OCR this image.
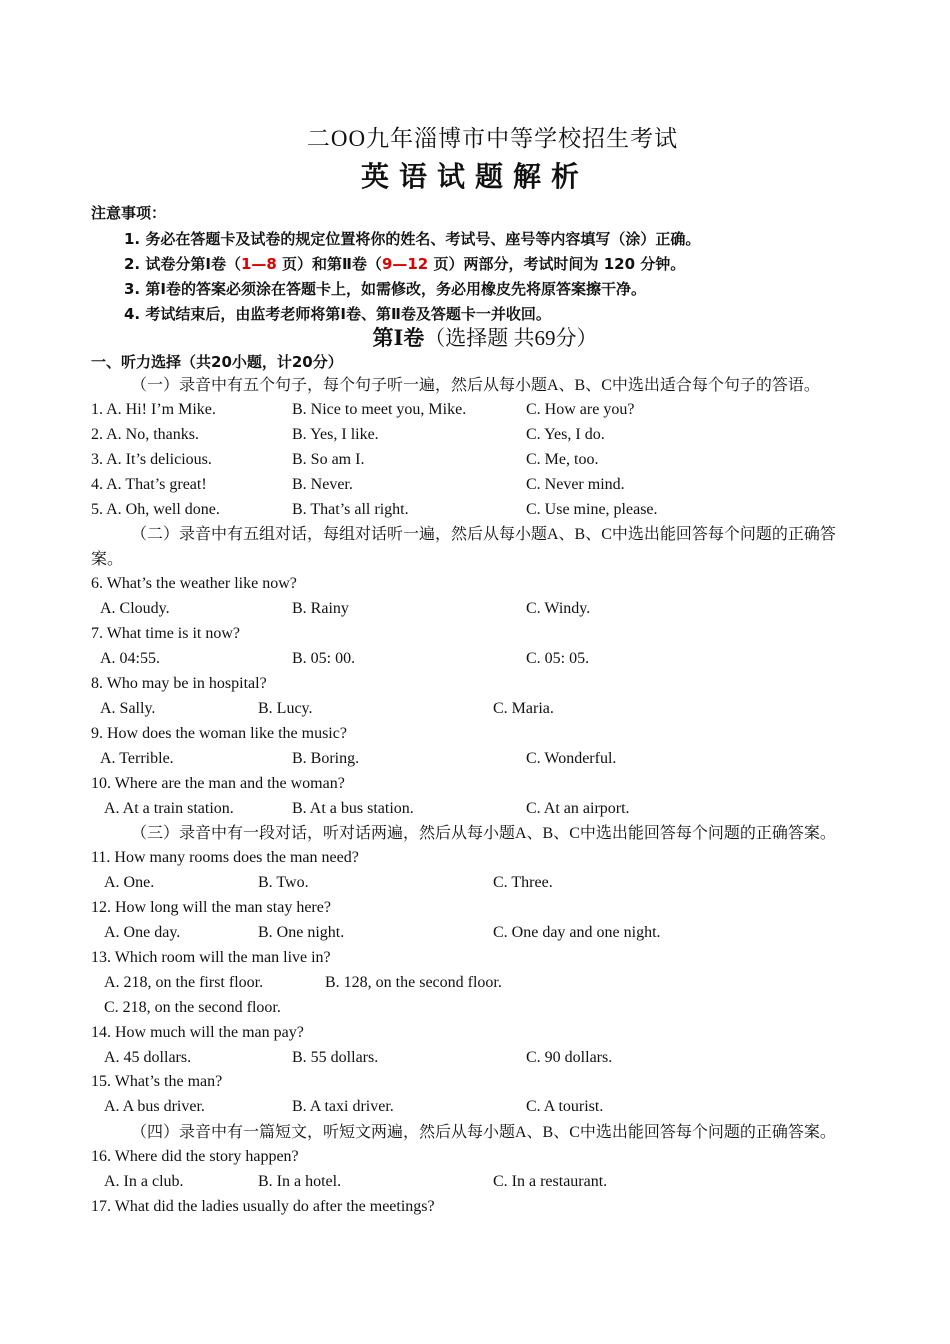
二OO九年淄博市中等学校招生考试
英语试题解析
注意事项：
1. 务必在答题卡及试卷的规定位置将你的姓名、考试号、座号等内容填写（涂）正确。
2. 试卷分第Ⅰ卷（1—8 页）和第Ⅱ卷（9—12 页）两部分，考试时间为 120 分钟。
3. 第Ⅰ卷的答案必须涂在答题卡上，如需修改，务必用橡皮先将原答案擦干净。
4. 考试结束后，由监考老师将第Ⅰ卷、第Ⅱ卷及答题卡一并收回。
第Ⅰ卷（选择题 共69分）
一、听力选择（共20小题，计20分）
（一）录音中有五个句子，每个句子听一遍，然后从每小题A、B、C中选出适合每个句子的答语。
1. A. Hi! I’m Mike.	B. Nice to meet you, Mike.	C. How are you?
2. A. No, thanks.	B. Yes, I like.	C. Yes, I do.
3. A. It’s delicious.	B. So am I.	C. Me, too.
4. A. That’s great!	B. Never.	C. Never mind.
5. A. Oh, well done.	B. That’s all right.	C. Use mine, please.
（二）录音中有五组对话，每组对话听一遍，然后从每小题A、B、C中选出能回答每个问题的正确答案。
6. What’s the weather like now?
A. Cloudy.	B. Rainy	C. Windy.
7. What time is it now?
A. 04:55.	B. 05: 00.	C. 05: 05.
8. Who may be in hospital?
A. Sally.	B. Lucy.	C. Maria.
9. How does the woman like the music?
A. Terrible.	B. Boring.	C. Wonderful.
10. Where are the man and the woman?
A. At a train station.	B. At a bus station.	C. At an airport.
（三）录音中有一段对话，听对话两遍，然后从每小题A、B、C中选出能回答每个问题的正确答案。
11. How many rooms does the man need?
A. One.	B. Two.	C. Three.
12. How long will the man stay here?
A. One day.	B. One night.	C. One day and one night.
13. Which room will the man live in?
A. 218, on the first floor.	B. 128, on the second floor.
C. 218, on the second floor.
14. How much will the man pay?
A. 45 dollars.	B. 55 dollars.	C. 90 dollars.
15. What’s the man?
A. A bus driver.	B. A taxi driver.	C. A tourist.
（四）录音中有一篇短文，听短文两遍，然后从每小题A、B、C中选出能回答每个问题的正确答案。
16. Where did the story happen?
A. In a club.	B. In a hotel.	C. In a restaurant.
17. What did the ladies usually do after the meetings?
